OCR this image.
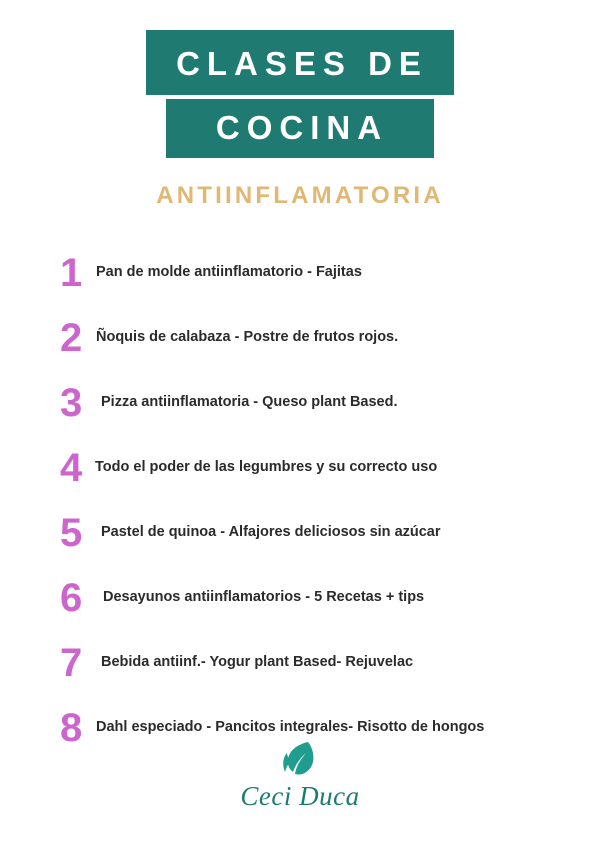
CLASES DE
COCINA
ANTIINFLAMATORIA
1 Pan de molde antiinflamatorio - Fajitas
2 Ñoquis de calabaza - Postre de frutos rojos.
3	Pizza antiinflamatoria - Queso plant Based.
4 Todo el poder de las legumbres y su correcto uso
5	Pastel de quinoa - Alfajores deliciosos sin azúcar
6	Desayunos antiinflamatorios - 5 Recetas + tips
7	Bebida antiinf.- Yogur plant Based- Rejuvelac
8 Dahl especiado - Pancitos integrales- Risotto de hongos
Ceci Duca
